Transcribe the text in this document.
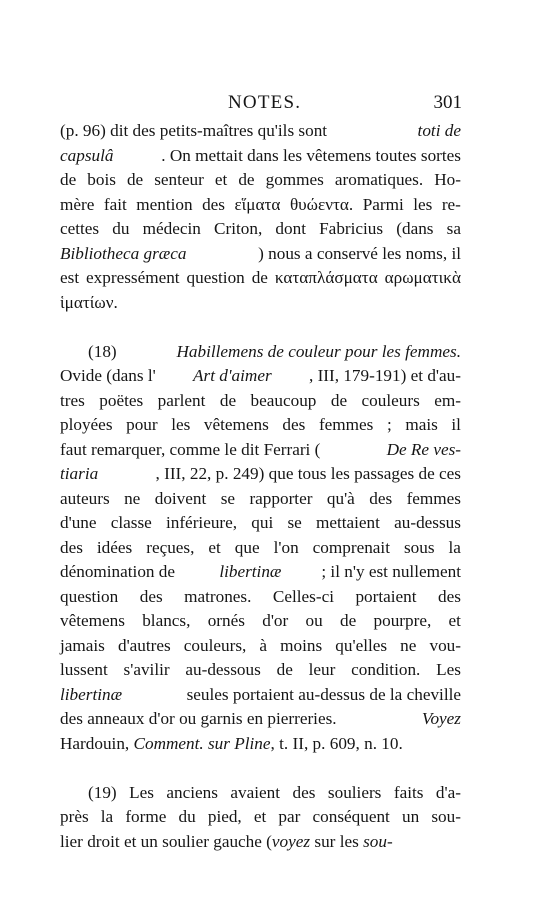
NOTES.	301
(p. 96) dit des petits-maîtres qu'ils sont	toti de
capsulâ	. On mettait dans les vêtemens toutes sortes
de bois de senteur et de gommes aromatiques. Ho-
mère fait mention des εἵματα θυώεντα. Parmi les re-
cettes du médecin Criton, dont Fabricius (dans sa
Bibliotheca græca	) nous a conservé les noms, il
est expressément question de καταπλάσματα αρωματικὰ
ἱματίων.
(18)	Habillemens de couleur pour les femmes.
Ovide (dans l' Art d'aimer , III, 179-191) et d'au-
tres poëtes parlent de beaucoup de couleurs em-
ployées pour les vêtemens des femmes ; mais il
faut remarquer, comme le dit Ferrari (	De Re ves-
tiaria	, III, 22, p. 249) que tous les passages de ces
auteurs ne doivent se rapporter qu'à des femmes
d'une classe inférieure, qui se mettaient au-dessus
des idées reçues, et que l'on comprenait sous la
dénomination de libertinæ ; il n'y est nullement
question des matrones. Celles-ci portaient des
vêtemens blancs, ornés d'or ou de pourpre, et
jamais d'autres couleurs, à moins qu'elles ne vou-
lussent s'avilir au-dessous de leur condition. Les
libertinæ	seules portaient au-dessus de la cheville
des anneaux d'or ou garnis en pierreries.	Voyez
Hardouin, Comment. sur Pline , t. II, p. 609, n. 10.
(19) Les anciens avaient des souliers faits d'a-
près la forme du pied, et par conséquent un sou-
lier droit et un soulier gauche ( voyez sur les sou-
